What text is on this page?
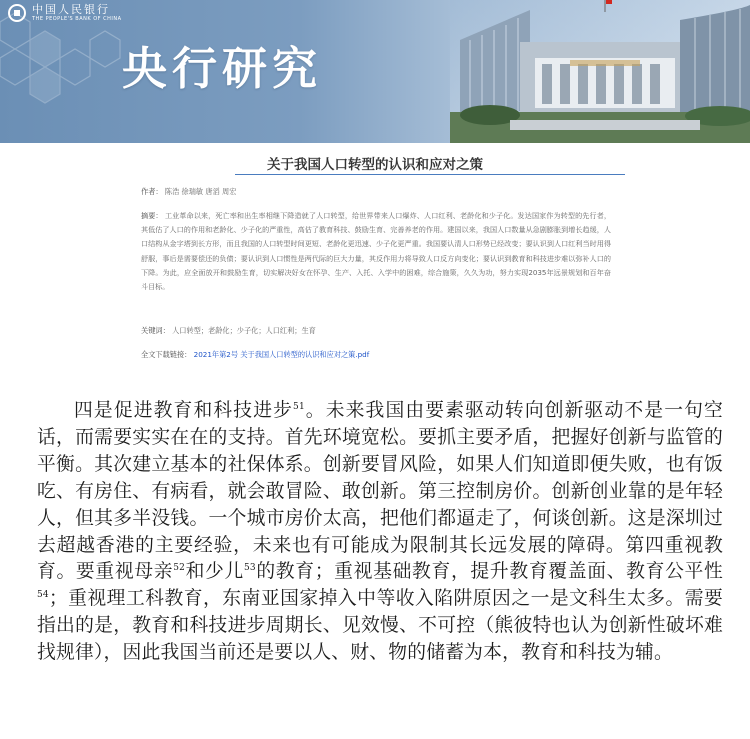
中国人民银行
THE PEOPLE'S BANK OF CHINA
央行研究
关于我国人口转型的认识和应对之策
作者： 陈浩 徐瑞敏 唐滔 周宏
摘要： 工业革命以来，死亡率和出生率相继下降造就了人口转型，给世界带来人口爆炸、人口红利、老龄化和少子化。发达国家作为转型的先行者，其低估了人口的作用和老龄化、少子化的严重性，高估了教育科技、鼓励生育、完善养老的作用。建国以来，我国人口数量从急剧膨胀到增长趋缓，人口结构从金字塔到长方形，而且我国的人口转型时间更短、老龄化更迅速、少子化更严重。我国要认清人口形势已经改变；要认识到人口红利当时用得舒服，事后是需要偿还的负债；要认识到人口惯性是两代际的巨大力量，其反作用力将导致人口反方向变化；要认识到教育和科技进步难以弥补人口的下降。为此，应全面放开和鼓励生育，切实解决好女在怀孕、生产、入托、入学中的困难，综合施策，久久为功，努力实现2035年远景规划和百年奋斗目标。
关键词： 人口转型；老龄化；少子化；人口红利；生育
全文下载链接： 2021年第2号 关于我国人口转型的认识和应对之策.pdf
四是促进教育和科技进步$^{51}$。未来我国由要素驱动转向创新驱动不是一句空话，而需要实实在在的支持。首先环境宽松。要抓主要矛盾，把握好创新与监管的平衡。其次建立基本的社保体系。创新要冒风险，如果人们知道即便失败，也有饭吃、有房住、有病看，就会敢冒险、敢创新。第三控制房价。创新创业靠的是年轻人，但其多半没钱。一个城市房价太高，把他们都逼走了，何谈创新。这是深圳过去超越香港的主要经验，未来也有可能成为限制其长远发展的障碍。第四重视教育。要重视母亲$^{52}$和少儿$^{53}$的教育；重视基础教育，提升教育覆盖面、教育公平性$^{54}$；重视理工科教育，东南亚国家掉入中等收入陷阱原因之一是文科生太多。需要指出的是，教育和科技进步周期长、见效慢、不可控（熊彼特也认为创新性破坏难找规律），因此我国当前还是要以人、财、物的储蓄为本，教育和科技为辅。
